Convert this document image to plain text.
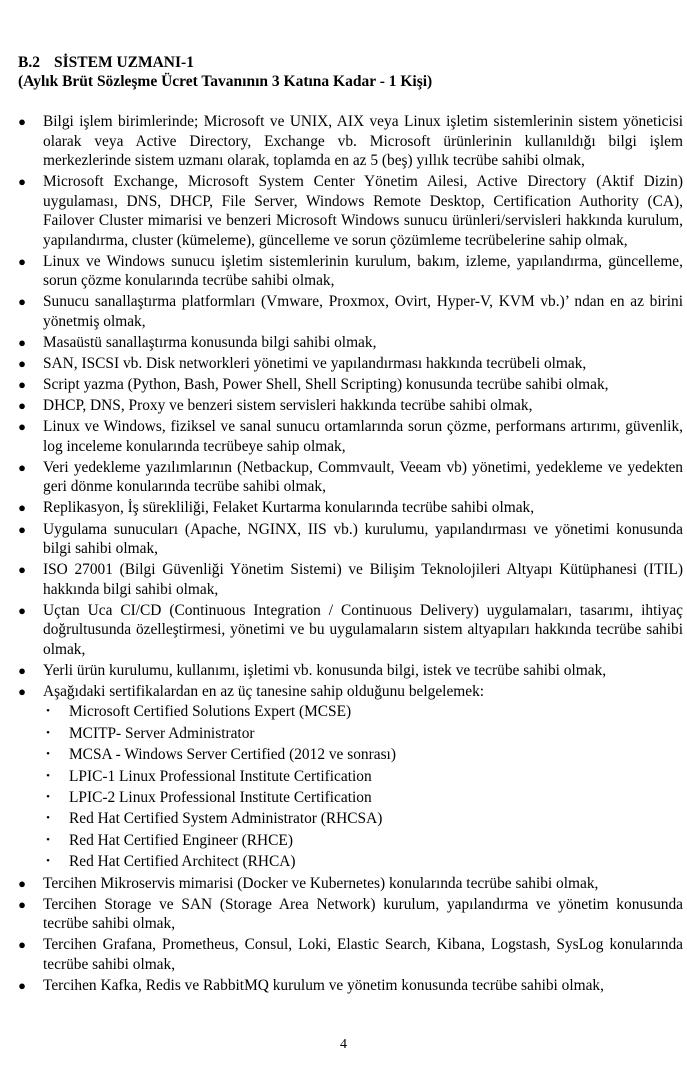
B.2 SİSTEM UZMANI-1
(Aylık Brüt Sözleşme Ücret Tavanının 3 Katına Kadar - 1 Kişi)
● Bilgi işlem birimlerinde; Microsoft ve UNIX, AIX veya Linux işletim sistemlerinin sistem yöneticisi olarak veya Active Directory, Exchange vb. Microsoft ürünlerinin kullanıldığı bilgi işlem merkezlerinde sistem uzmanı olarak, toplamda en az 5 (beş) yıllık tecrübe sahibi olmak,
● Microsoft Exchange, Microsoft System Center Yönetim Ailesi, Active Directory (Aktif Dizin) uygulaması, DNS, DHCP, File Server, Windows Remote Desktop, Certification Authority (CA), Failover Cluster mimarisi ve benzeri Microsoft Windows sunucu ürünleri/servisleri hakkında kurulum, yapılandırma, cluster (kümeleme), güncelleme ve sorun çözümleme tecrübelerine sahip olmak,
● Linux ve Windows sunucu işletim sistemlerinin kurulum, bakım, izleme, yapılandırma, güncelleme, sorun çözme konularında tecrübe sahibi olmak,
● Sunucu sanallaştırma platformları (Vmware, Proxmox, Ovirt, Hyper-V, KVM vb.)’ ndan en az birini yönetmiş olmak,
● Masaüstü sanallaştırma konusunda bilgi sahibi olmak,
● SAN, ISCSI vb. Disk networkleri yönetimi ve yapılandırması hakkında tecrübeli olmak,
● Script yazma (Python, Bash, Power Shell, Shell Scripting) konusunda tecrübe sahibi olmak,
● DHCP, DNS, Proxy ve benzeri sistem servisleri hakkında tecrübe sahibi olmak,
● Linux ve Windows, fiziksel ve sanal sunucu ortamlarında sorun çözme, performans artırımı, güvenlik, log inceleme konularında tecrübeye sahip olmak,
● Veri yedekleme yazılımlarının (Netbackup, Commvault, Veeam vb) yönetimi, yedekleme ve yedekten geri dönme konularında tecrübe sahibi olmak,
● Replikasyon, İş sürekliliği, Felaket Kurtarma konularında tecrübe sahibi olmak,
● Uygulama sunucuları (Apache, NGINX, IIS vb.) kurulumu, yapılandırması ve yönetimi konusunda bilgi sahibi olmak,
● ISO 27001 (Bilgi Güvenliği Yönetim Sistemi) ve Bilişim Teknolojileri Altyapı Kütüphanesi (ITIL) hakkında bilgi sahibi olmak,
● Uçtan Uca CI/CD (Continuous Integration / Continuous Delivery) uygulamaları, tasarımı, ihtiyaç doğrultusunda özelleştirmesi, yönetimi ve bu uygulamaların sistem altyapıları hakkında tecrübe sahibi olmak,
● Yerli ürün kurulumu, kullanımı, işletimi vb. konusunda bilgi, istek ve tecrübe sahibi olmak,
● Aşağıdaki sertifikalardan en az üç tanesine sahip olduğunu belgelemek:
• Microsoft Certified Solutions Expert (MCSE)
• MCITP- Server Administrator
• MCSA - Windows Server Certified (2012 ve sonrası)
• LPIC-1 Linux Professional Institute Certification
• LPIC-2 Linux Professional Institute Certification
• Red Hat Certified System Administrator (RHCSA)
• Red Hat Certified Engineer (RHCE)
• Red Hat Certified Architect (RHCA)
● Tercihen Mikroservis mimarisi (Docker ve Kubernetes) konularında tecrübe sahibi olmak,
● Tercihen Storage ve SAN (Storage Area Network) kurulum, yapılandırma ve yönetim konusunda tecrübe sahibi olmak,
● Tercihen Grafana, Prometheus, Consul, Loki, Elastic Search, Kibana, Logstash, SysLog konularında tecrübe sahibi olmak,
● Tercihen Kafka, Redis ve RabbitMQ kurulum ve yönetim konusunda tecrübe sahibi olmak,
4
